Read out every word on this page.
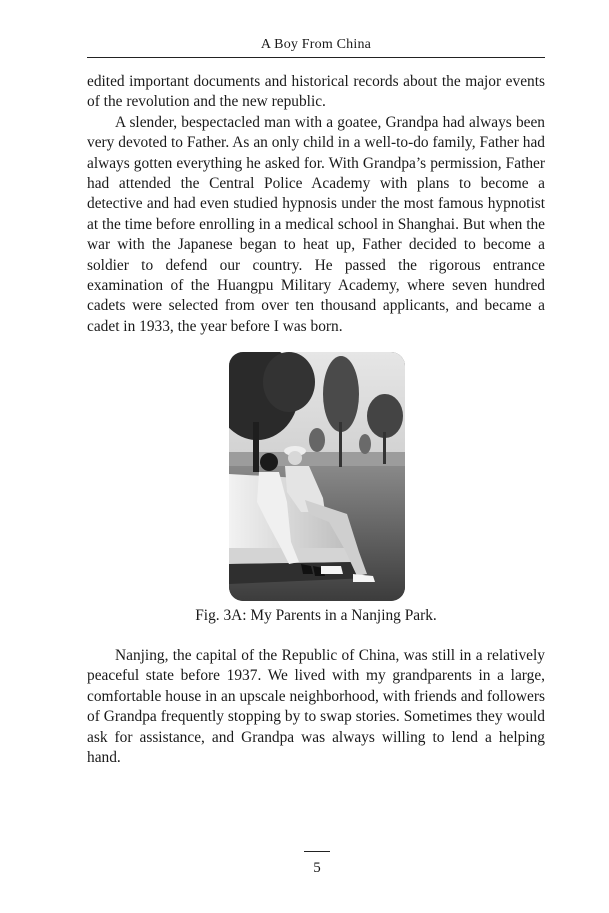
A Boy From China

edited important documents and historical records about the major events of the revolution and the new republic.

A slender, bespectacled man with a goatee, Grandpa had always been very devoted to Father. As an only child in a well-to-do family, Father had always gotten everything he asked for. With Grandpa’s permission, Father had attended the Central Police Academy with plans to become a detective and had even studied hypnosis under the most famous hypnotist at the time before enrolling in a medical school in Shanghai. But when the war with the Japanese began to heat up, Father decided to become a soldier to defend our country. He passed the rigorous entrance examination of the Huangpu Military Academy, where seven hundred cadets were selected from over ten thousand applicants, and became a cadet in 1933, the year before I was born.

Fig. 3A: My Parents in a Nanjing Park.

Nanjing, the capital of the Republic of China, was still in a relatively peaceful state before 1937. We lived with my grandparents in a large, comfortable house in an upscale neighborhood, with friends and followers of Grandpa frequently stopping by to swap stories. Sometimes they would ask for assistance, and Grandpa was always willing to lend a helping hand.

5
